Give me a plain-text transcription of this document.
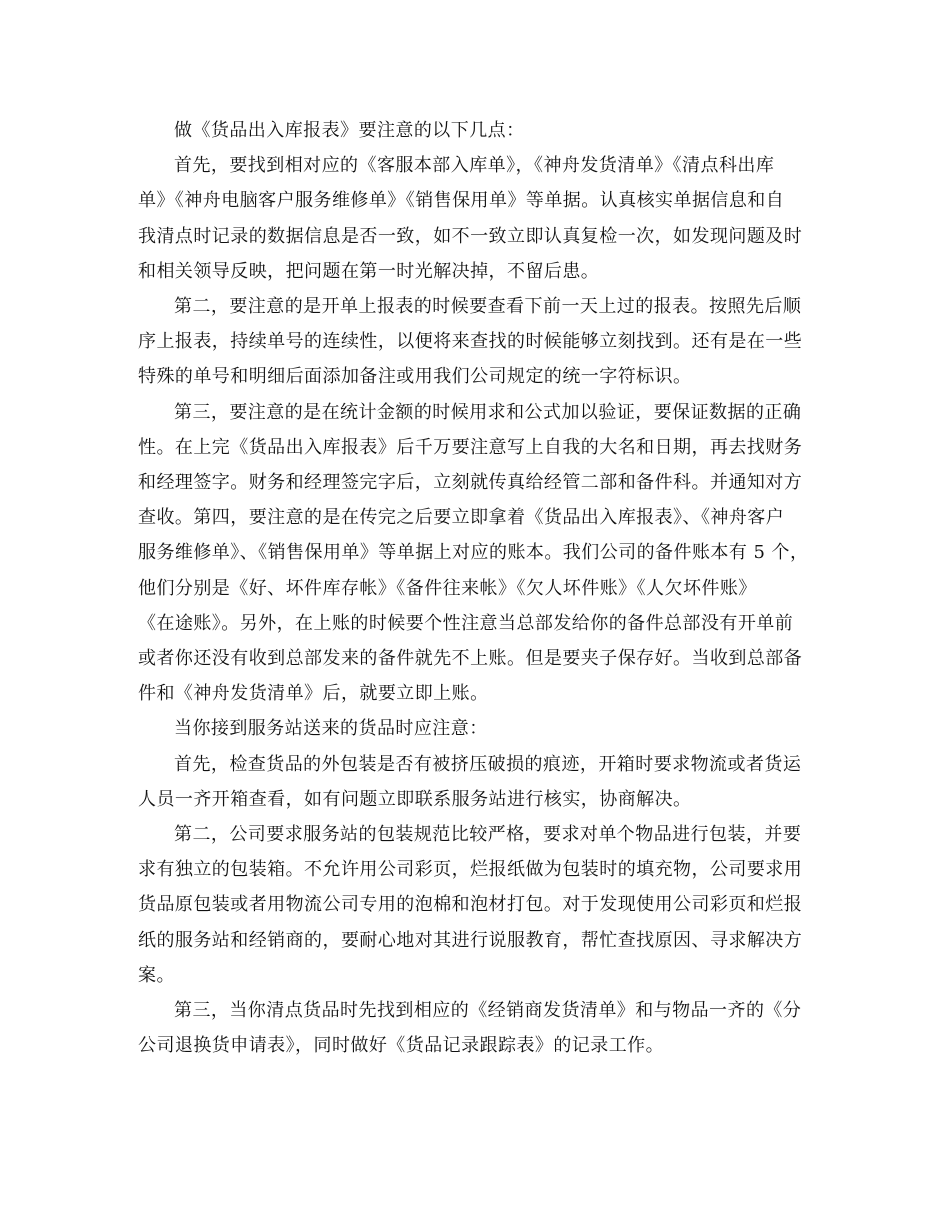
做《货品出入库报表》要注意的以下几点：

首先，要找到相对应的《客服本部入库单》，《神舟发货清单》《清点科出库
单》《神舟电脑客户服务维修单》《销售保用单》等单据。认真核实单据信息和自
我清点时记录的数据信息是否一致，如不一致立即认真复检一次，如发现问题及时
和相关领导反映，把问题在第一时光解决掉，不留后患。

第二，要注意的是开单上报表的时候要查看下前一天上过的报表。按照先后顺
序上报表，持续单号的连续性，以便将来查找的时候能够立刻找到。还有是在一些
特殊的单号和明细后面添加备注或用我们公司规定的统一字符标识。

第三，要注意的是在统计金额的时候用求和公式加以验证，要保证数据的正确
性。在上完《货品出入库报表》后千万要注意写上自我的大名和日期，再去找财务
和经理签字。财务和经理签完字后，立刻就传真给经管二部和备件科。并通知对方
查收。第四，要注意的是在传完之后要立即拿着《货品出入库报表》、《神舟客户
服务维修单》、《销售保用单》等单据上对应的账本。我们公司的备件账本有 5 个，
他们分别是《好、坏件库存帐》《备件往来帐》《欠人坏件账》《人欠坏件账》
《在途账》。另外，在上账的时候要个性注意当总部发给你的备件总部没有开单前
或者你还没有收到总部发来的备件就先不上账。但是要夹子保存好。当收到总部备
件和《神舟发货清单》后，就要立即上账。

当你接到服务站送来的货品时应注意：

首先，检查货品的外包装是否有被挤压破损的痕迹，开箱时要求物流或者货运
人员一齐开箱查看，如有问题立即联系服务站进行核实，协商解决。

第二，公司要求服务站的包装规范比较严格，要求对单个物品进行包装，并要
求有独立的包装箱。不允许用公司彩页，烂报纸做为包装时的填充物，公司要求用
货品原包装或者用物流公司专用的泡棉和泡材打包。对于发现使用公司彩页和烂报
纸的服务站和经销商的，要耐心地对其进行说服教育，帮忙查找原因、寻求解决方
案。

第三，当你清点货品时先找到相应的《经销商发货清单》和与物品一齐的《分
公司退换货申请表》，同时做好《货品记录跟踪表》的记录工作。
